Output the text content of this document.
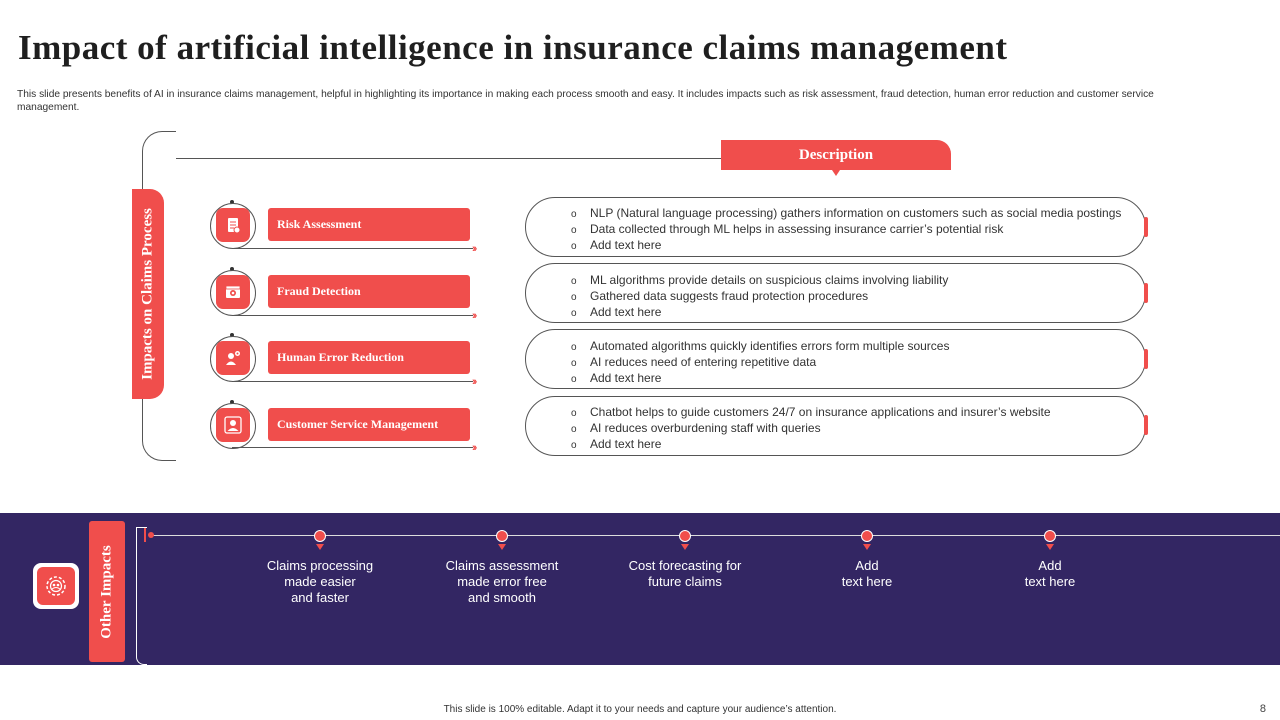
Impact of artificial intelligence in insurance claims management
This slide presents benefits of AI in insurance claims management, helpful in highlighting its importance in making each process smooth and easy. It includes impacts such as risk assessment, fraud detection, human error reduction and customer service management.
Impacts on Claims Process
Description
Risk Assessment
››
o NLP (Natural language processing) gathers information on customers such as social media postings
o Data collected through ML helps in assessing insurance carrier’s potential risk
o Add text here
Fraud Detection
››
o ML algorithms provide details on suspicious claims involving liability
o Gathered data suggests fraud protection procedures
o Add text here
Human Error Reduction
››
o Automated algorithms quickly identifies errors form multiple sources
o AI reduces need of entering repetitive data
o Add text here
Customer Service Management
››
o Chatbot helps to guide customers 24/7 on insurance applications and insurer’s website
o AI reduces overburdening staff with queries
o Add text here
Other Impacts	Claims processing
made easier
and faster
Claims assessment
made error free
and smooth
Cost forecasting for
future claims
Add
text here
Add
text here
This slide is 100% editable. Adapt it to your needs and capture your audience’s attention.	8
